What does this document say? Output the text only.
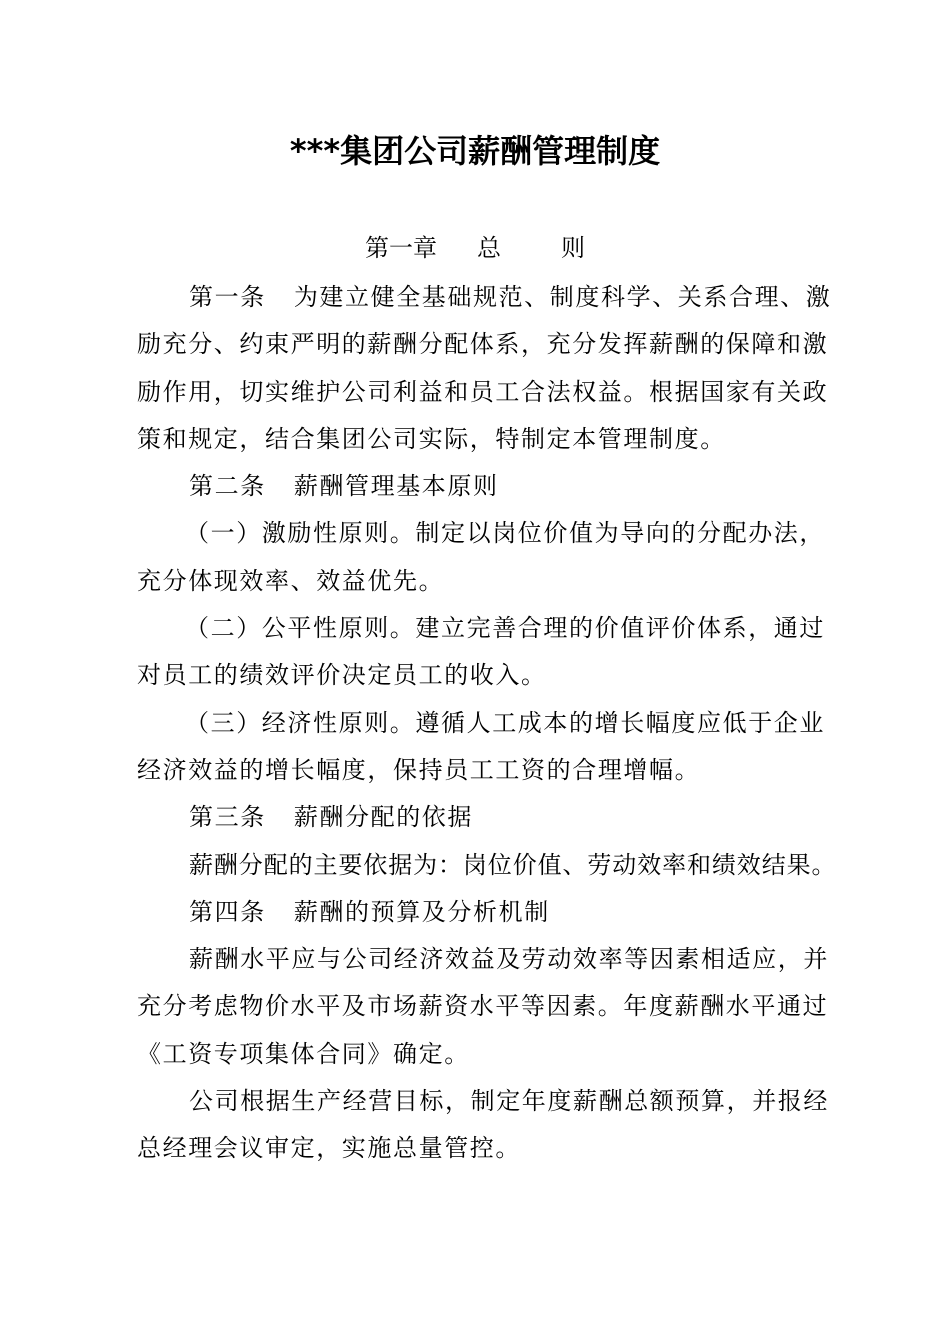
***集团公司薪酬管理制度
第一章 总	则

第一条 为建立健全基础规范、制度科学、关系合理、激励充分、约束严明的薪酬分配体系，充分发挥薪酬的保障和激励作用，切实维护公司利益和员工合法权益。根据国家有关政策和规定，结合集团公司实际，特制定本管理制度。

第二条 薪酬管理基本原则

（一）激励性原则。制定以岗位价值为导向的分配办法，充分体现效率、效益优先。

（二）公平性原则。建立完善合理的价值评价体系，通过对员工的绩效评价决定员工的收入。

（三）经济性原则。遵循人工成本的增长幅度应低于企业经济效益的增长幅度，保持员工工资的合理增幅。

第三条 薪酬分配的依据

薪酬分配的主要依据为：岗位价值、劳动效率和绩效结果。

第四条 薪酬的预算及分析机制

薪酬水平应与公司经济效益及劳动效率等因素相适应，并充分考虑物价水平及市场薪资水平等因素。年度薪酬水平通过《工资专项集体合同》确定。

公司根据生产经营目标，制定年度薪酬总额预算，并报经总经理会议审定，实施总量管控。
